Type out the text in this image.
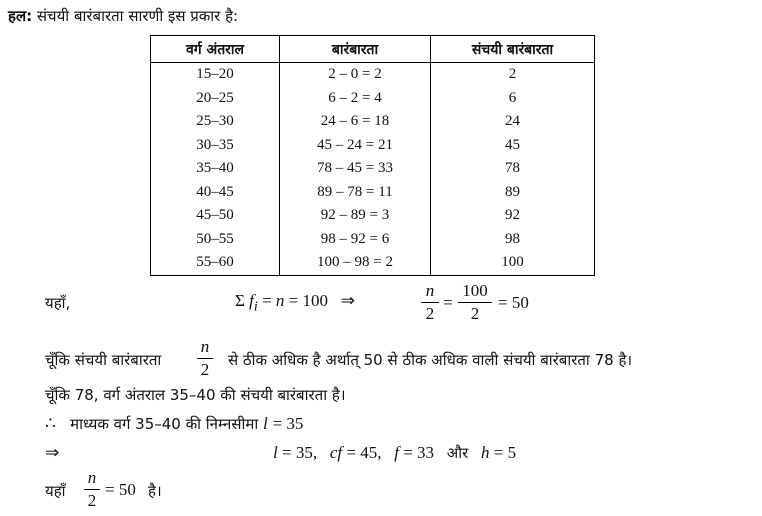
हल: संचयी बारंबारता सारणी इस प्रकार है:
वर्ग अंतराल	बारंबारता	संचयी बारंबारता
15–20	2 – 0 = 2	2
20–25	6 – 2 = 4	6
25–30	24 – 6 = 18	24
30–35	45 – 24 = 21	45
35–40	78 – 45 = 33	78
40–45	89 – 78 = 11	89
45–50	92 – 89 = 3	92
50–55	98 – 92 = 6	98
55–60	100 – 98 = 2	100
यहाँ,	Σ $f_i = n = 100$ ⇒
n
2
=
100
2
= 50
चूँकि संचयी बारंबारता
n
2 से ठीक अधिक है अर्थात् 50 से ठीक अधिक वाली संचयी बारंबारता 78 है।
चूँकि 78, वर्ग अंतराल 35–40 की संचयी बारंबारता है।
∴ माध्यक वर्ग 35–40 की निम्नसीमा l = 35
⇒	l = 35, cf = 45, f = 33 और h = 5
यहाँ
n
2
= 50 है।
